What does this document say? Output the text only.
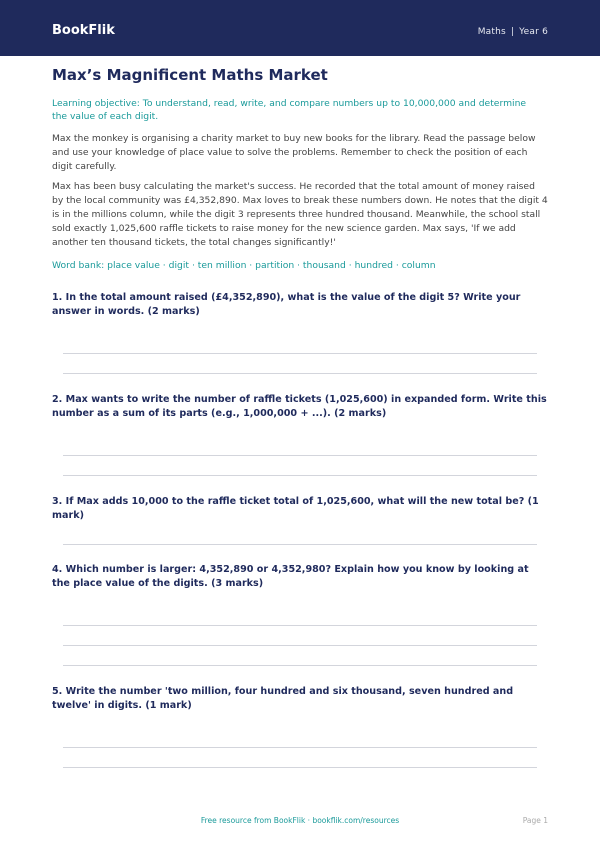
BookFlik	Maths | Year 6
Max’s Magnificent Maths Market

Learning objective: To understand, read, write, and compare numbers up to 10,000,000 and determine the value of each digit.

Max the monkey is organising a charity market to buy new books for the library. Read the passage below and use your knowledge of place value to solve the problems. Remember to check the position of each digit carefully.

Max has been busy calculating the market's success. He recorded that the total amount of money raised by the local community was £4,352,890. Max loves to break these numbers down. He notes that the digit 4 is in the millions column, while the digit 3 represents three hundred thousand. Meanwhile, the school stall sold exactly 1,025,600 raffle tickets to raise money for the new science garden. Max says, 'If we add another ten thousand tickets, the total changes significantly!'

Word bank: place value · digit · ten million · partition · thousand · hundred · column

1. In the total amount raised (£4,352,890), what is the value of the digit 5? Write your answer in words. (2 marks)

2. Max wants to write the number of raffle tickets (1,025,600) in expanded form. Write this number as a sum of its parts (e.g., 1,000,000 + ...). (2 marks)

3. If Max adds 10,000 to the raffle ticket total of 1,025,600, what will the new total be? (1 mark)

4. Which number is larger: 4,352,890 or 4,352,980? Explain how you know by looking at the place value of the digits. (3 marks)

5. Write the number 'two million, four hundred and six thousand, seven hundred and twelve' in digits. (1 mark)

Free resource from BookFlik · bookflik.com/resources	Page 1
